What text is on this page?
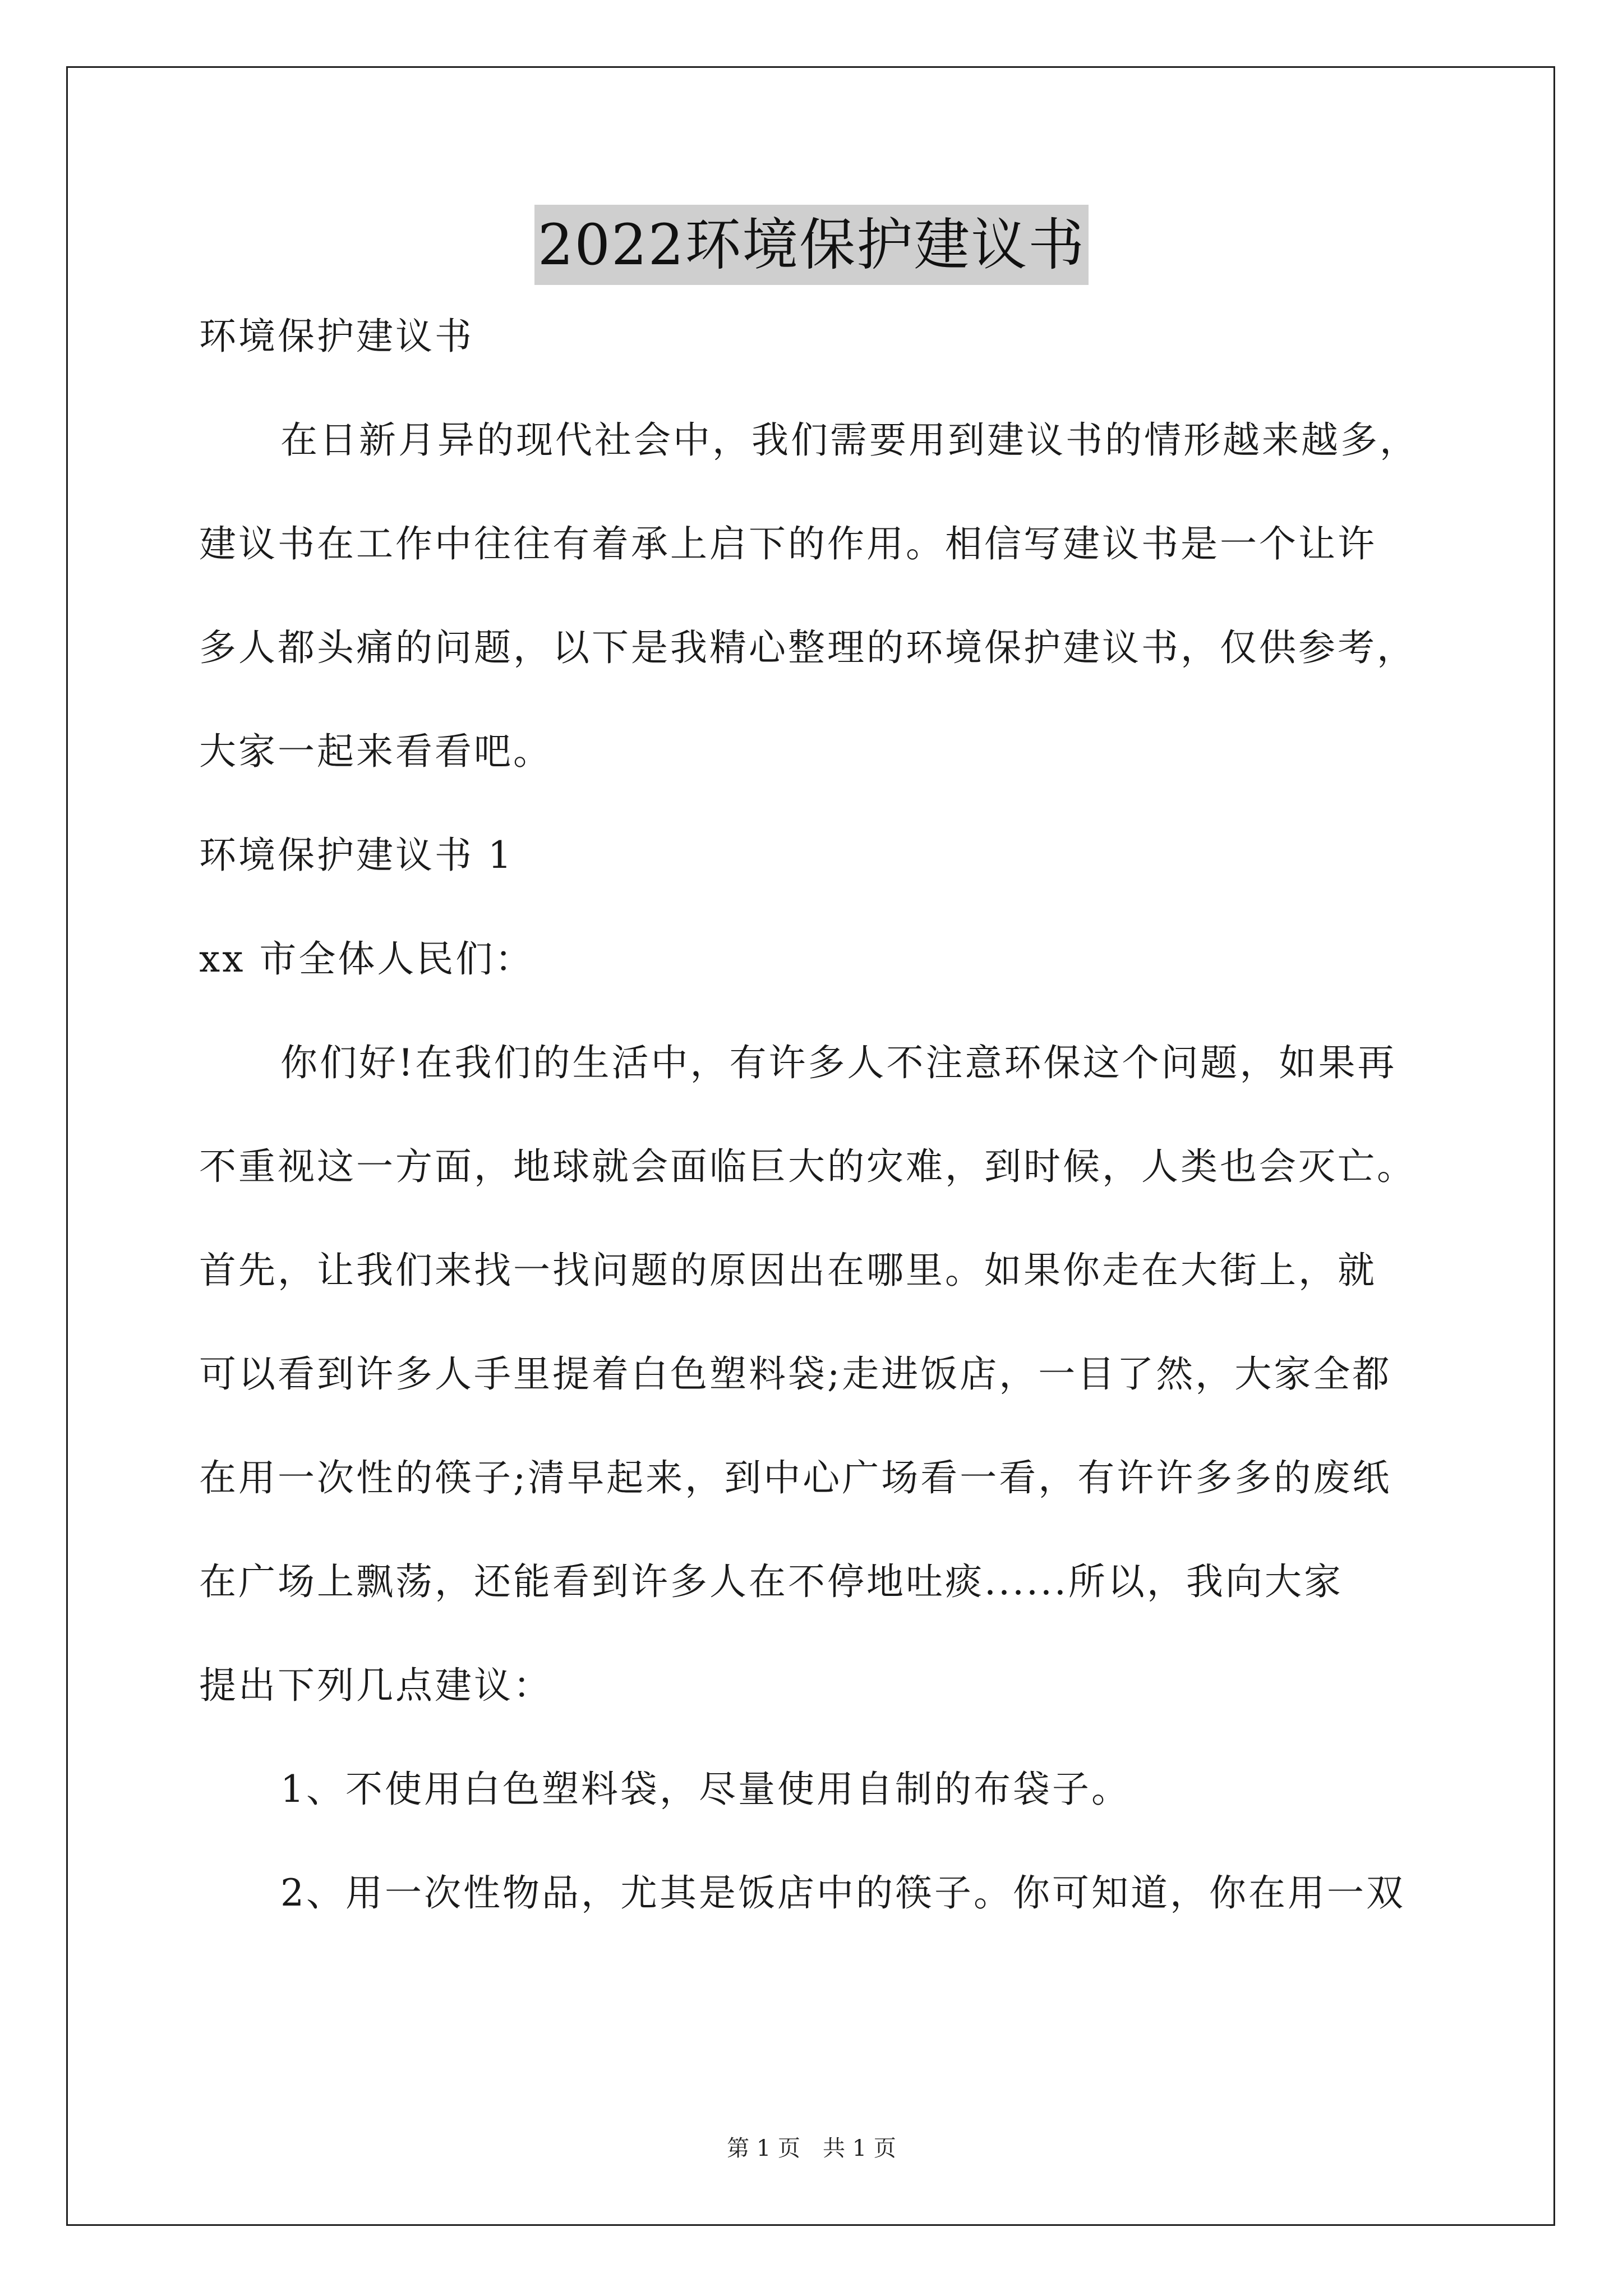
2022环境保护建议书
环境保护建议书
在日新月异的现代社会中，我们需要用到建议书的情形越来越多，
建议书在工作中往往有着承上启下的作用。相信写建议书是一个让许
多人都头痛的问题，以下是我精心整理的环境保护建议书，仅供参考，
大家一起来看看吧。
环境保护建议书 1
xx 市全体人民们：
你们好!在我们的生活中，有许多人不注意环保这个问题，如果再
不重视这一方面，地球就会面临巨大的灾难，到时候，人类也会灭亡。
首先，让我们来找一找问题的原因出在哪里。如果你走在大街上，就
可以看到许多人手里提着白色塑料袋;走进饭店，一目了然，大家全都
在用一次性的筷子;清早起来，到中心广场看一看，有许许多多的废纸
在广场上飘荡，还能看到许多人在不停地吐痰......所以，我向大家
提出下列几点建议：
1、不使用白色塑料袋，尽量使用自制的布袋子。
2、用一次性物品，尤其是饭店中的筷子。你可知道，你在用一双
第 1 页　共 1 页
